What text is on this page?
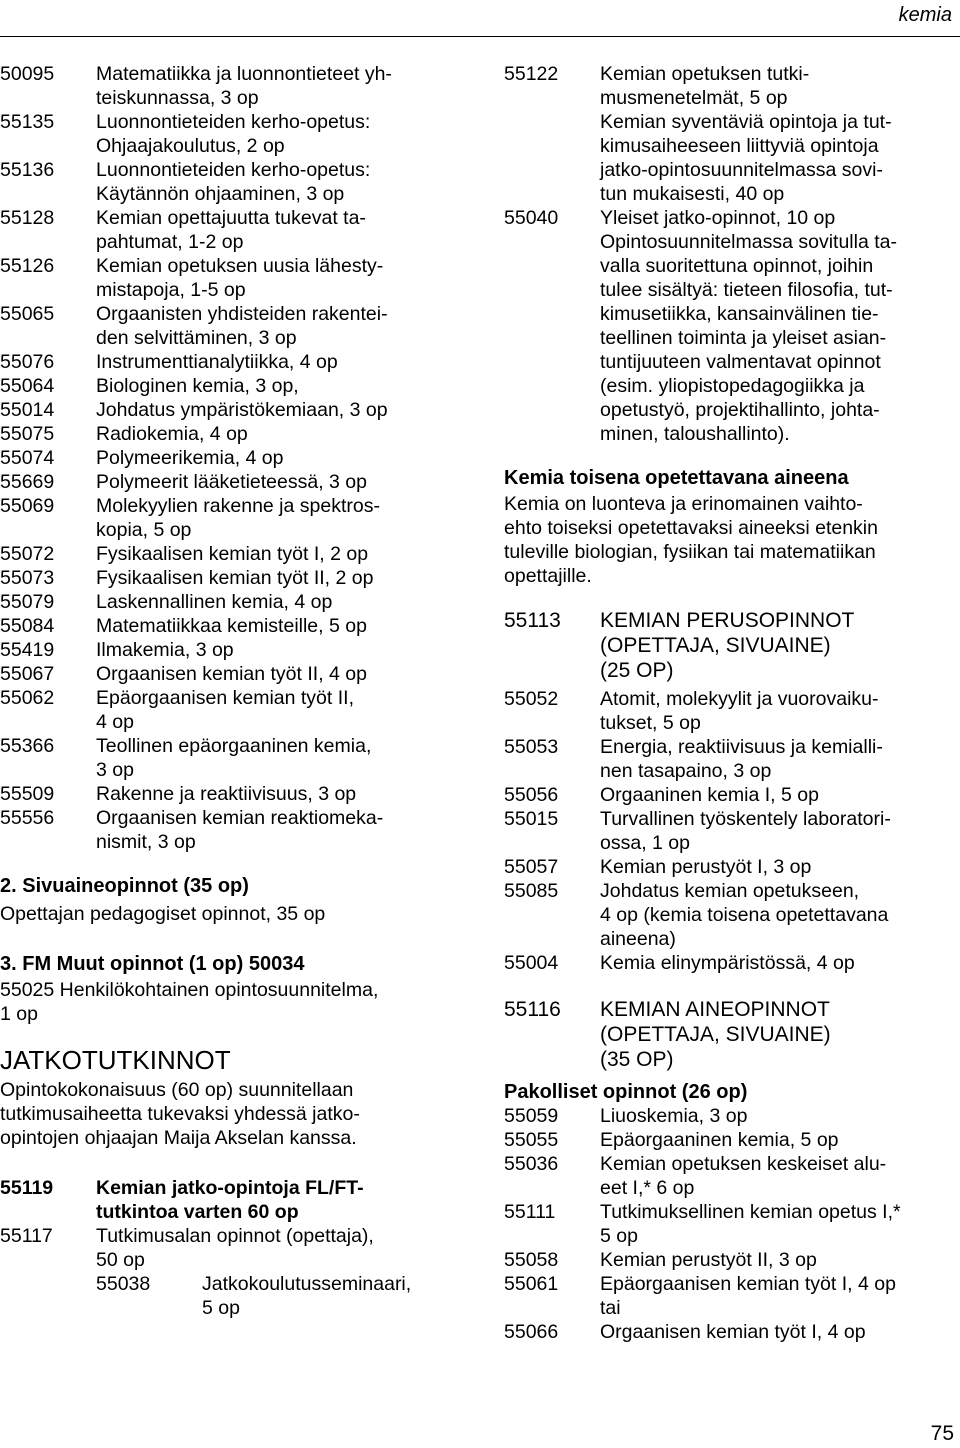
kemia
50095	Matematiikka ja luonnontieteet yh-
teiskunnassa, 3 op
55135	Luonnontieteiden kerho-opetus:
Ohjaajakoulutus, 2 op
55136	Luonnontieteiden kerho-opetus:
Käytännön ohjaaminen, 3 op
55128	Kemian opettajuutta tukevat ta-
pahtumat, 1-2 op
55126	Kemian opetuksen uusia lähesty-
mistapoja, 1-5 op
55065	Orgaanisten yhdisteiden rakentei-
den selvittäminen, 3 op
55076	Instrumenttianalytiikka, 4 op
55064	Biologinen kemia, 3 op,
55014	Johdatus ympäristökemiaan, 3 op
55075	Radiokemia, 4 op
55074	Polymeerikemia, 4 op
55669	Polymeerit lääketieteessä, 3 op
55069	Molekyylien rakenne ja spektros-
kopia, 5 op
55072	Fysikaalisen kemian työt I, 2 op
55073	Fysikaalisen kemian työt II, 2 op
55079	Laskennallinen kemia, 4 op
55084	Matematiikkaa kemisteille, 5 op
55419	Ilmakemia, 3 op
55067	Orgaanisen kemian työt II, 4 op
55062	Epäorgaanisen kemian työt II,
4 op
55366	Teollinen epäorgaaninen kemia,
3 op
55509	Rakenne ja reaktiivisuus, 3 op
55556	Orgaanisen kemian reaktiomeka-
nismit, 3 op
2. Sivuaineopinnot (35 op)
Opettajan pedagogiset opinnot, 35 op
3. FM Muut opinnot (1 op) 50034
55025 Henkilökohtainen opintosuunnitelma,
1 op
JATKOTUTKINNOT
Opintokokonaisuus (60 op) suunnitellaan
tutkimusaiheetta tukevaksi yhdessä jatko-
opintojen ohjaajan Maija Akselan kanssa.
55119	Kemian jatko-opintoja FL/FT-
tutkintoa varten 60 op
55117	Tutkimusalan opinnot (opettaja),
50 op
55038	Jatkokoulutusseminaari,
5 op
55122	Kemian opetuksen tutki-
musmenetelmät, 5 op
Kemian syventäviä opintoja ja tut-
kimusaiheeseen liittyviä opintoja
jatko-opintosuunnitelmassa sovi-
tun mukaisesti, 40 op
55040	Yleiset jatko-opinnot, 10 op
Opintosuunnitelmassa sovitulla ta-
valla suoritettuna opinnot, joihin
tulee sisältyä: tieteen filosofia, tut-
kimusetiikka, kansainvälinen tie-
teellinen toiminta ja yleiset asian-
tuntijuuteen valmentavat opinnot
(esim. yliopistopedagogiikka ja
opetustyö, projektihallinto, johta-
minen, taloushallinto).
Kemia toisena opetettavana aineena
Kemia on luonteva ja erinomainen vaihto-
ehto toiseksi opetettavaksi aineeksi etenkin
tuleville biologian, fysiikan tai matematiikan
opettajille.
55113	KEMIAN PERUSOPINNOT
(OPETTAJA, SIVUAINE)
(25 OP)
55052	Atomit, molekyylit ja vuorovaiku-
tukset, 5 op
55053	Energia, reaktiivisuus ja kemialli-
nen tasapaino, 3 op
55056	Orgaaninen kemia I, 5 op
55015	Turvallinen työskentely laboratori-
ossa, 1 op
55057	Kemian perustyöt I, 3 op
55085	Johdatus kemian opetukseen,
4 op (kemia toisena opetettavana
aineena)
55004	Kemia elinympäristössä, 4 op
55116	KEMIAN AINEOPINNOT
(OPETTAJA, SIVUAINE)
(35 OP)
Pakolliset opinnot (26 op)
55059	Liuoskemia, 3 op
55055	Epäorgaaninen kemia, 5 op
55036	Kemian opetuksen keskeiset alu-
eet I,* 6 op
55111	Tutkimuksellinen kemian opetus I,*
5 op
55058	Kemian perustyöt II, 3 op
55061	Epäorgaanisen kemian työt I, 4 op
tai
55066	Orgaanisen kemian työt I, 4 op
75
